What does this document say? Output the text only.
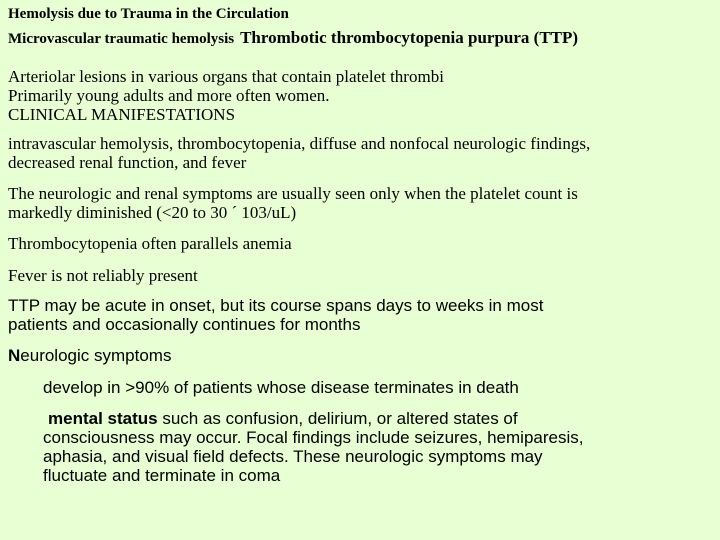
Hemolysis due to Trauma in the Circulation
Microvascular traumatic hemolysis Thrombotic thrombocytopenia purpura (TTP)
Arteriolar lesions in various organs that contain platelet thrombi
Primarily young adults and more often women.
CLINICAL MANIFESTATIONS
intravascular hemolysis, thrombocytopenia, diffuse and nonfocal neurologic findings,
decreased renal function, and fever
The neurologic and renal symptoms are usually seen only when the platelet count is
markedly diminished (<20 to 30 ´ 103/uL)
Thrombocytopenia often parallels anemia
Fever is not reliably present
TTP may be acute in onset, but its course spans days to weeks in most
patients and occasionally continues for months
Neurologic symptoms
develop in >90% of patients whose disease terminates in death
mental status such as confusion, delirium, or altered states of
consciousness may occur. Focal findings include seizures, hemiparesis,
aphasia, and visual field defects. These neurologic symptoms may
fluctuate and terminate in coma
